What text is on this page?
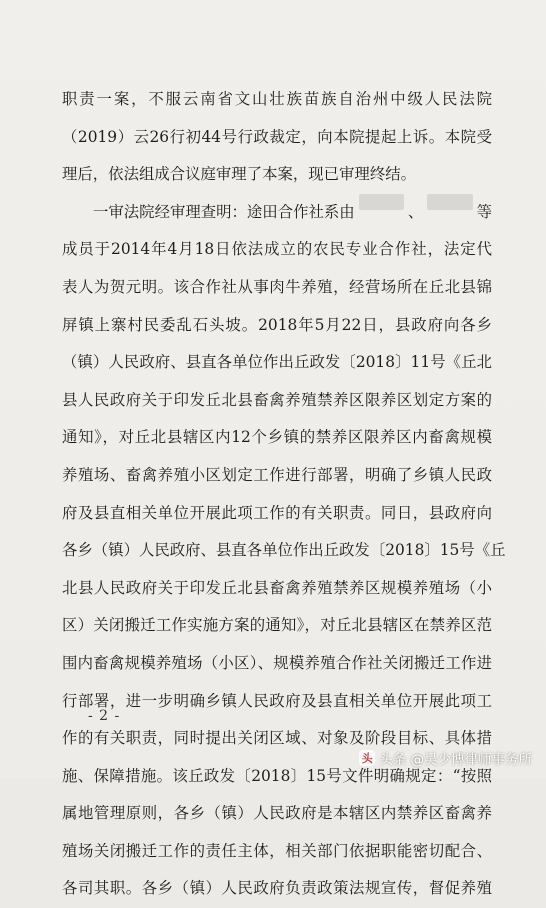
职责一案，不服云南省文山壮族苗族自治州中级人民法院
（2019）云26行初44号行政裁定，向本院提起上诉。本院受
理后，依法组成合议庭审理了本案，现已审理终结。
一审法院经审理查明：途田合作社系由	、	等
成员于2014年4月18日依法成立的农民专业合作社，法定代
表人为贺元明。该合作社从事肉牛养殖，经营场所在丘北县锦
屏镇上寨村民委乱石头坡。2018年5月22日，县政府向各乡
（镇）人民政府、县直各单位作出丘政发〔2018〕11号《丘北
县人民政府关于印发丘北县畜禽养殖禁养区限养区划定方案的
通知》，对丘北县辖区内12个乡镇的禁养区限养区内畜禽规模
养殖场、畜禽养殖小区划定工作进行部署，明确了乡镇人民政
府及县直相关单位开展此项工作的有关职责。同日，县政府向
各乡（镇）人民政府、县直各单位作出丘政发〔2018〕15号《丘
北县人民政府关于印发丘北县畜禽养殖禁养区规模养殖场（小
区）关闭搬迁工作实施方案的通知》，对丘北县辖区在禁养区范
围内畜禽规模养殖场（小区）、规模养殖合作社关闭搬迁工作进
行部署，进一步明确乡镇人民政府及县直相关单位开展此项工
作的有关职责，同时提出关闭区域、对象及阶段目标、具体措
施、保障措施。该丘政发〔2018〕15号文件明确规定：“按照
属地管理原则，各乡（镇）人民政府是本辖区内禁养区畜禽养
殖场关闭搬迁工作的责任主体，相关部门依据职能密切配合、
各司其职。各乡（镇）人民政府负责政策法规宣传，督促养殖
- 2 -
头 头条 @吴少博律师事务所
